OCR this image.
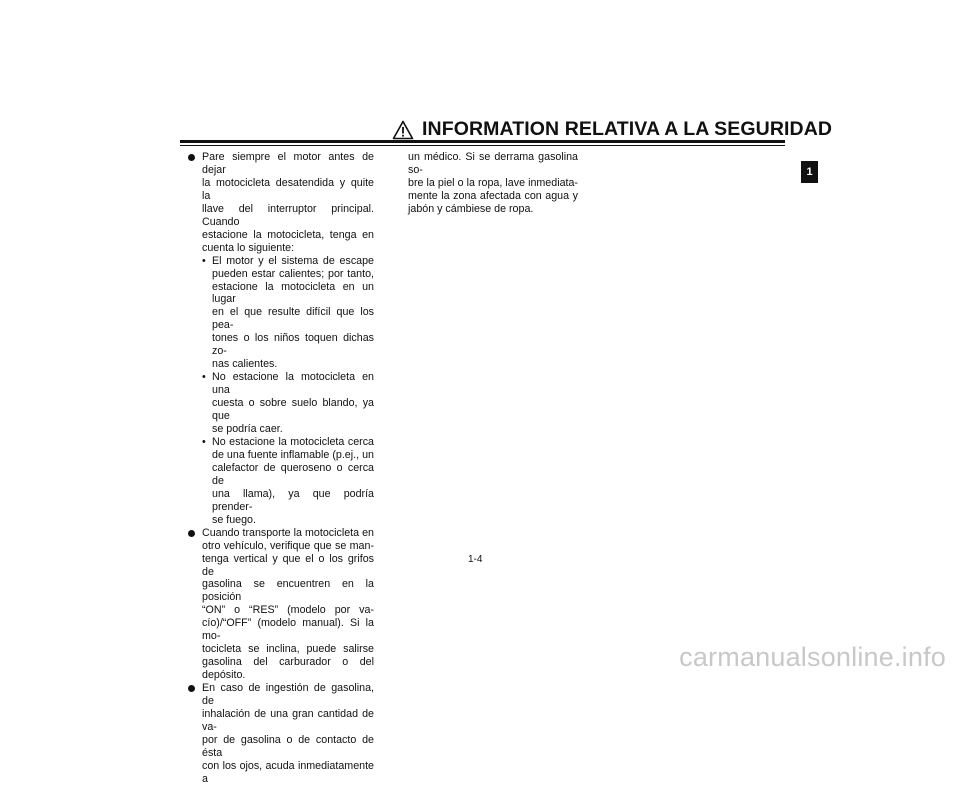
INFORMATION RELATIVA A LA SEGURIDAD
Pare siempre el motor antes de dejar
la motocicleta desatendida y quite la
llave del interruptor principal. Cuando
estacione la motocicleta, tenga en
cuenta lo siguiente:
• El motor y el sistema de escape
pueden estar calientes; por tanto,
estacione la motocicleta en un lugar
en el que resulte difícil que los pea-
tones o los niños toquen dichas zo-
nas calientes.
• No estacione la motocicleta en una
cuesta o sobre suelo blando, ya que
se podría caer.
• No estacione la motocicleta cerca
de una fuente inflamable (p.ej., un
calefactor de queroseno o cerca de
una llama), ya que podría prender-
se fuego.
Cuando transporte la motocicleta en
otro vehículo, verifique que se man-
tenga vertical y que el o los grifos de
gasolina se encuentren en la posición
“ON” o “RES” (modelo por va-
cío)/“OFF” (modelo manual). Si la mo-
tocicleta se inclina, puede salirse
gasolina del carburador o del depósito.
En caso de ingestión de gasolina, de
inhalación de una gran cantidad de va-
por de gasolina o de contacto de ésta
con los ojos, acuda inmediatamente a
un médico. Si se derrama gasolina so-
bre la piel o la ropa, lave inmediata-
mente la zona afectada con agua y
jabón y cámbiese de ropa.
1
1-4
carmanualsonline.info
